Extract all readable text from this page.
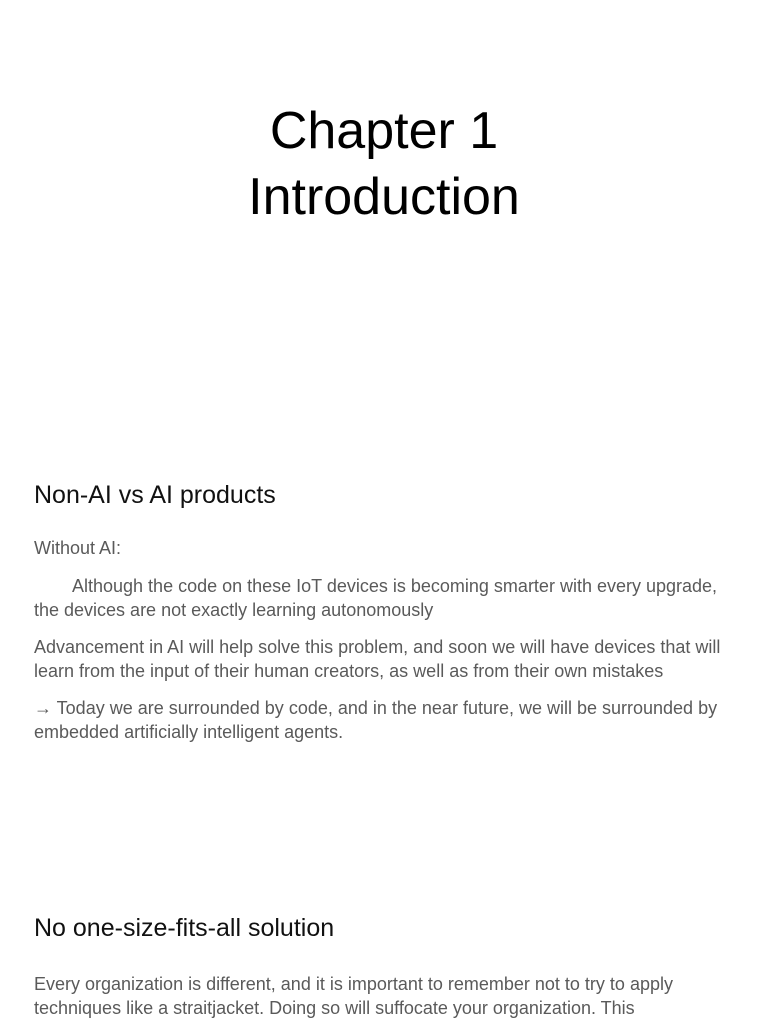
Chapter 1
Introduction
Non-AI vs AI products

Without AI:

Although the code on these IoT devices is becoming smarter with every upgrade, the devices are not exactly learning autonomously

Advancement in AI will help solve this problem, and soon we will have devices that will learn from the input of their human creators, as well as from their own mistakes

→ Today we are surrounded by code, and in the near future, we will be surrounded by embedded artificially intelligent agents.

No one-size-fits-all solution

Every organization is different, and it is important to remember not to try to apply techniques like a straitjacket. Doing so will suffocate your organization. This
